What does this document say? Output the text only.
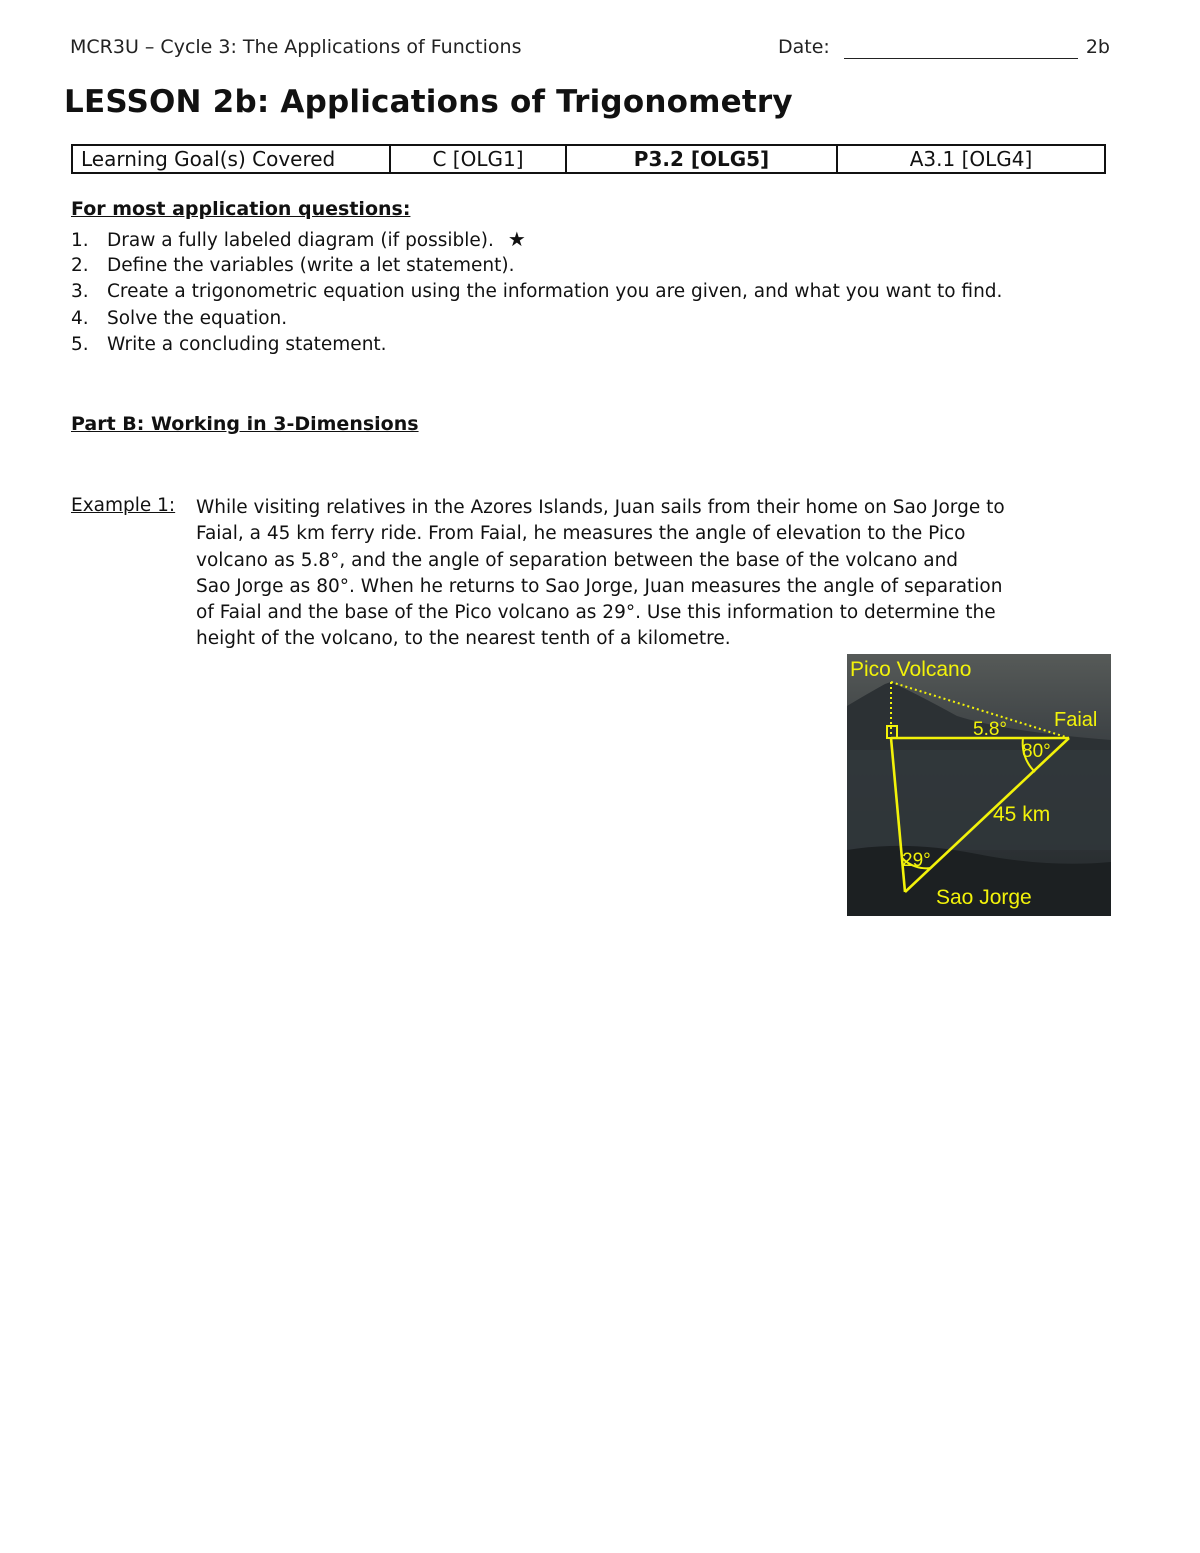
MCR3U – Cycle 3: The Applications of Functions	Date:	2b
LESSON 2b: Applications of Trigonometry
Learning Goal(s) Covered	C [OLG1]	P3.2 [OLG5]	A3.1 [OLG4]
For most application questions:
1. Draw a fully labeled diagram (if possible). ★
2. Define the variables (write a let statement).
3. Create a trigonometric equation using the information you are given, and what you want to find.
4. Solve the equation.
5. Write a concluding statement.
Part B: Working in 3-Dimensions
Example 1: While visiting relatives in the Azores Islands, Juan sails from their home on Sao Jorge to
Faial, a 45 km ferry ride. From Faial, he measures the angle of elevation to the Pico
volcano as 5.8°, and the angle of separation between the base of the volcano and
Sao Jorge as 80°. When he returns to Sao Jorge, Juan measures the angle of separation
of Faial and the base of the Pico volcano as 29°. Use this information to determine the
height of the volcano, to the nearest tenth of a kilometre.
Pico Volcano
Faial
5.8°
80°
45 km
29°
Sao Jorge
